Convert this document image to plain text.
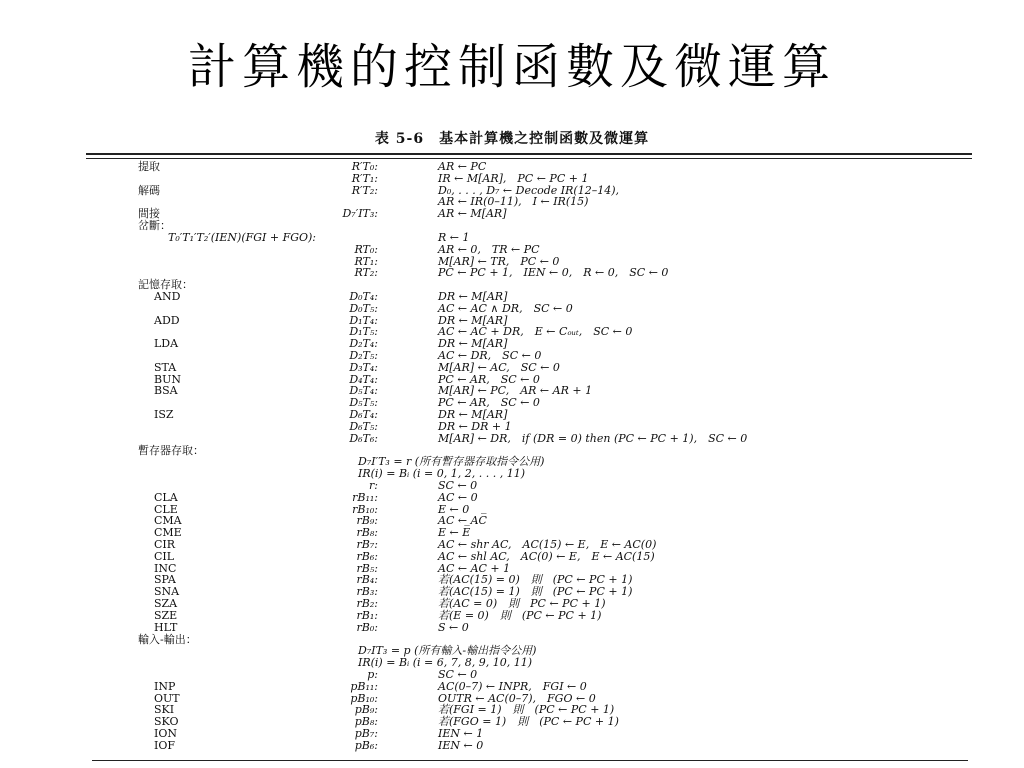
計算機的控制函數及微運算
表 5-6　基本計算機之控制函數及微運算
提取	R′T₀:	AR ← PC
R′T₁:	IR ← M[AR],　PC ← PC + 1
解碼	R′T₂:	D₀, . . . , D₇ ← Decode IR(12–14),
AR ← IR(0–11),　I ← IR(15)
間接	D₇′IT₃:	AR ← M[AR]
岔斷：
T₀′T₁′T₂′(IEN)(FGI + FGO):	R ← 1
RT₀:	AR ← 0,　TR ← PC
RT₁:	M[AR] ← TR,　PC ← 0
RT₂:	PC ← PC + 1,　IEN ← 0,　R ← 0,　SC ← 0
記憶存取：
AND	D₀T₄:	DR ← M[AR]
D₀T₅:	AC ← AC ∧ DR,　SC ← 0
ADD	D₁T₄:	DR ← M[AR]
D₁T₅:	AC ← AC + DR,　E ← Cₒᵤₜ,　SC ← 0
LDA	D₂T₄:	DR ← M[AR]
D₂T₅:	AC ← DR,　SC ← 0
STA	D₃T₄:	M[AR] ← AC,　SC ← 0
BUN	D₄T₄:	PC ← AR,　SC ← 0
BSA	D₅T₄:	M[AR] ← PC,　AR ← AR + 1
D₅T₅:	PC ← AR,　SC ← 0
ISZ	D₆T₄:	DR ← M[AR]
D₆T₅:	DR ← DR + 1
D₆T₆:	M[AR] ← DR,　if (DR = 0) then (PC ← PC + 1),　SC ← 0
暫存器存取：
D₇I′T₃ = r (所有暫存器存取指令公用)
IR(i) = Bᵢ (i = 0, 1, 2, . . . , 11)
r:	SC ← 0
CLA	rB₁₁:	AC ← 0
CLE	rB₁₀:	E ← 0
CMA	rB₉:	AC ← AC̅
CME	rB₈:	E ← E̅
CIR	rB₇:	AC ← shr AC,　AC(15) ← E,　E ← AC(0)
CIL	rB₆:	AC ← shl AC,　AC(0) ← E,　E ← AC(15)
INC	rB₅:	AC ← AC + 1
SPA	rB₄:	若(AC(15) = 0)　則　(PC ← PC + 1)
SNA	rB₃:	若(AC(15) = 1)　則　(PC ← PC + 1)
SZA	rB₂:	若(AC = 0)　則　PC ← PC + 1)
SZE	rB₁:	若(E = 0)　則　(PC ← PC + 1)
HLT	rB₀:	S ← 0
輸入-輸出：
D₇IT₃ = p (所有輸入-輸出指令公用)
IR(i) = Bᵢ (i = 6, 7, 8, 9, 10, 11)
p:	SC ← 0
INP	pB₁₁:	AC(0–7) ← INPR,　FGI ← 0
OUT	pB₁₀:	OUTR ← AC(0–7),　FGO ← 0
SKI	pB₉:	若(FGI = 1)　則　(PC ← PC + 1)
SKO	pB₈:	若(FGO = 1)　則　(PC ← PC + 1)
ION	pB₇:	IEN ← 1
IOF	pB₆:	IEN ← 0
